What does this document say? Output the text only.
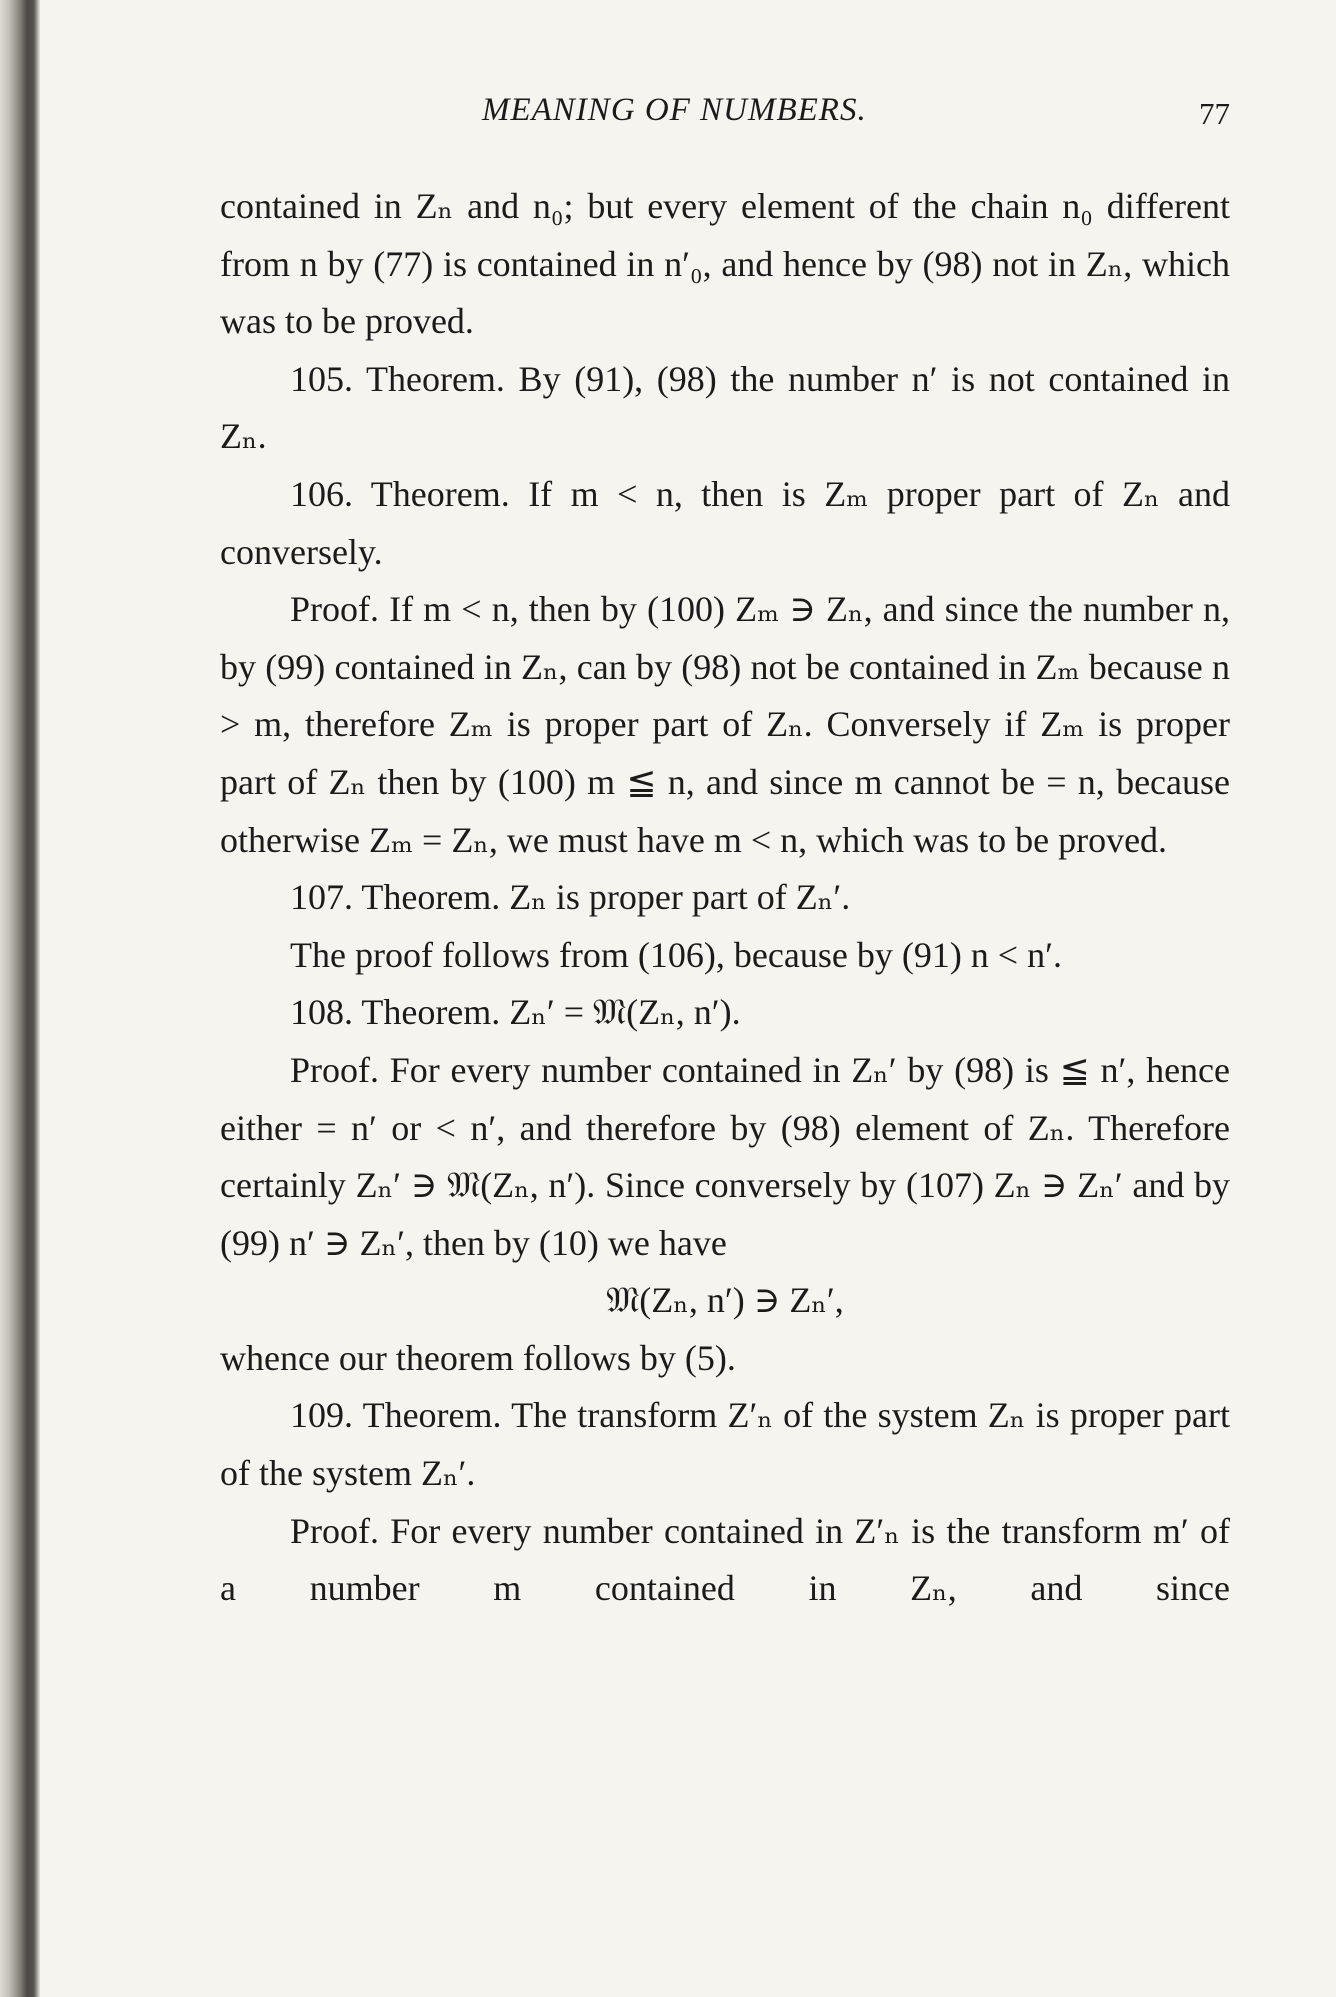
MEANING OF NUMBERS.	77

contained in Zₙ and n₀; but every element of the chain n₀ different from n by (77) is contained in n′₀, and hence by (98) not in Zₙ, which was to be proved.

105. Theorem. By (91), (98) the number n′ is not contained in Zₙ.

106. Theorem. If m < n, then is Zₘ proper part of Zₙ and conversely.

Proof. If m < n, then by (100) Zₘ ∋ Zₙ, and since the number n, by (99) contained in Zₙ, can by (98) not be contained in Zₘ because n > m, therefore Zₘ is proper part of Zₙ. Conversely if Zₘ is proper part of Zₙ then by (100) m ≦ n, and since m cannot be = n, because otherwise Zₘ = Zₙ, we must have m < n, which was to be proved.

107. Theorem. Zₙ is proper part of Zₙ′.

The proof follows from (106), because by (91) n < n′.

108. Theorem. Zₙ′ = 𝔐(Zₙ, n′).

Proof. For every number contained in Zₙ′ by (98) is ≦ n′, hence either = n′ or < n′, and therefore by (98) element of Zₙ. Therefore certainly Zₙ′ ∋ 𝔐(Zₙ, n′). Since conversely by (107) Zₙ ∋ Zₙ′ and by (99) n′ ∋ Zₙ′, then by (10) we have

𝔐(Zₙ, n′) ∋ Zₙ′,

whence our theorem follows by (5).

109. Theorem. The transform Z′ₙ of the system Zₙ is proper part of the system Zₙ′.

Proof. For every number contained in Z′ₙ is the transform m′ of a number m contained in Zₙ, and since
